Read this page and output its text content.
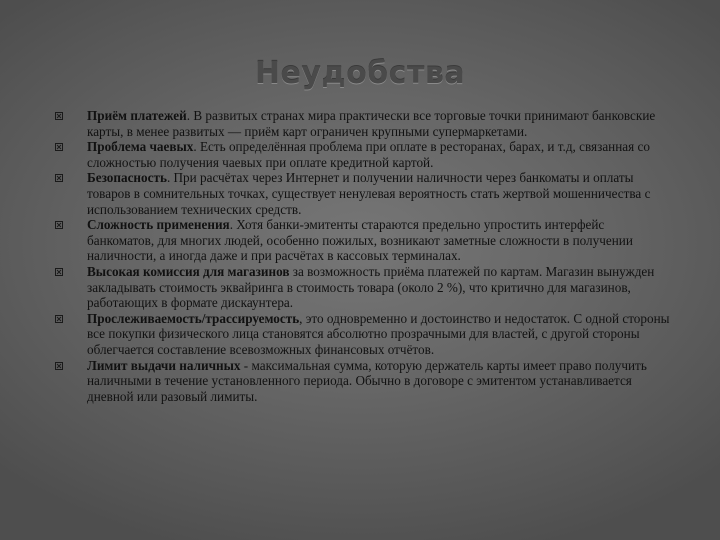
Неудобства
Приём платежей. В развитых странах мира практически все торговые точки принимают банковские карты, в менее развитых — приём карт ограничен крупными супермаркетами.
Проблема чаевых. Есть определённая проблема при оплате в ресторанах, барах, и т.д, связанная со сложностью получения чаевых при оплате кредитной картой.
Безопасность. При расчётах через Интернет и получении наличности через банкоматы и оплаты товаров в сомнительных точках, существует ненулевая вероятность стать жертвой мошенничества с использованием технических средств.
Сложность применения. Хотя банки-эмитенты стараются предельно упростить интерфейс банкоматов, для многих людей, особенно пожилых, возникают заметные сложности в получении наличности, а иногда даже и при расчётах в кассовых терминалах.
Высокая комиссия для магазинов за возможность приёма платежей по картам. Магазин вынужден закладывать стоимость эквайринга в стоимость товара (около 2 %), что критично для магазинов, работающих в формате дискаунтера.
Прослеживаемость/трассируемость, это одновременно и достоинство и недостаток. С одной стороны все покупки физического лица становятся абсолютно прозрачными для властей, с другой стороны облегчается составление всевозможных финансовых отчётов.
Лимит выдачи наличных - максимальная сумма, которую держатель карты имеет право получить наличными в течение установленного периода. Обычно в договоре с эмитентом устанавливается дневной или разовый лимиты.
